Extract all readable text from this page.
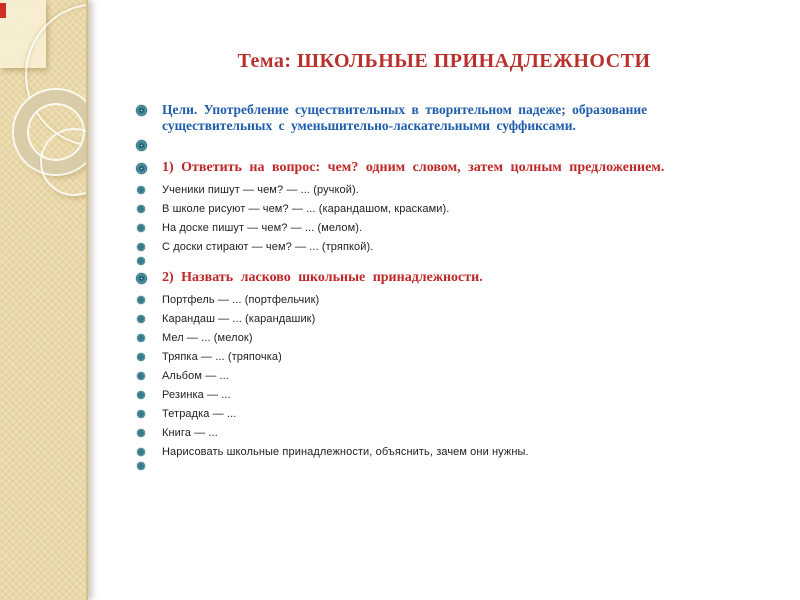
Тема: ШКОЛЬНЫЕ ПРИНАДЛЕЖНОСТИ
Цели. Употребление существительных в творительном падеже; образование
существительных с уменьшительно-ласкательными суффиксами.
1) Ответить на вопрос: чем? одним словом, затем цолным предложением.
Ученики пишут — чем? — ... (ручкой).
В школе рисуют — чем? — ... (карандашом, красками).
На доске пишут — чем? — ... (мелом).
С доски стирают — чем? — ... (тряпкой).
2) Назвать ласково школьные принадлежности.
Портфель — ... (портфельчик)
Карандаш — ... (карандашик)
Мел — ... (мелок)
Тряпка — ... (тряпочка)
Альбом — ...
Резинка — ...
Тетрадка — ...
Книга — ...
Нарисовать школьные принадлежности, объяснить, зачем они нужны.
